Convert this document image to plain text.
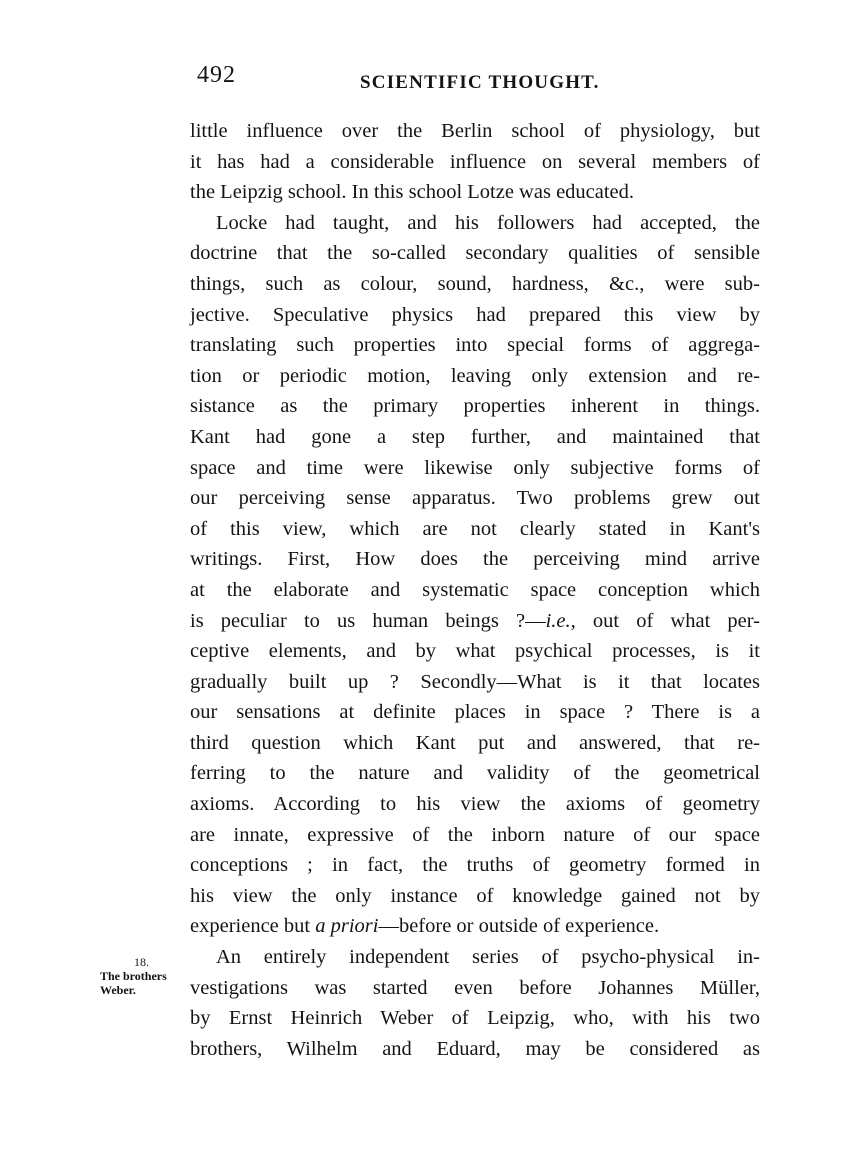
492	SCIENTIFIC THOUGHT.
18.
The brothers
Weber.
little influence over the Berlin school of physiology, but
it has had a considerable influence on several members of
the Leipzig school. In this school Lotze was educated.
Locke had taught, and his followers had accepted, the
doctrine that the so-called secondary qualities of sensible
things, such as colour, sound, hardness, &c., were sub-
jective. Speculative physics had prepared this view by
translating such properties into special forms of aggrega-
tion or periodic motion, leaving only extension and re-
sistance as the primary properties inherent in things.
Kant had gone a step further, and maintained that
space and time were likewise only subjective forms of
our perceiving sense apparatus. Two problems grew out
of this view, which are not clearly stated in Kant's
writings. First, How does the perceiving mind arrive
at the elaborate and systematic space conception which
is peculiar to us human beings ?—i.e., out of what per-
ceptive elements, and by what psychical processes, is it
gradually built up ? Secondly—What is it that locates
our sensations at definite places in space ? There is a
third question which Kant put and answered, that re-
ferring to the nature and validity of the geometrical
axioms. According to his view the axioms of geometry
are innate, expressive of the inborn nature of our space
conceptions ; in fact, the truths of geometry formed in
his view the only instance of knowledge gained not by
experience but a priori—before or outside of experience.
An entirely independent series of psycho-physical in-
vestigations was started even before Johannes Müller,
by Ernst Heinrich Weber of Leipzig, who, with his two
brothers, Wilhelm and Eduard, may be considered as
